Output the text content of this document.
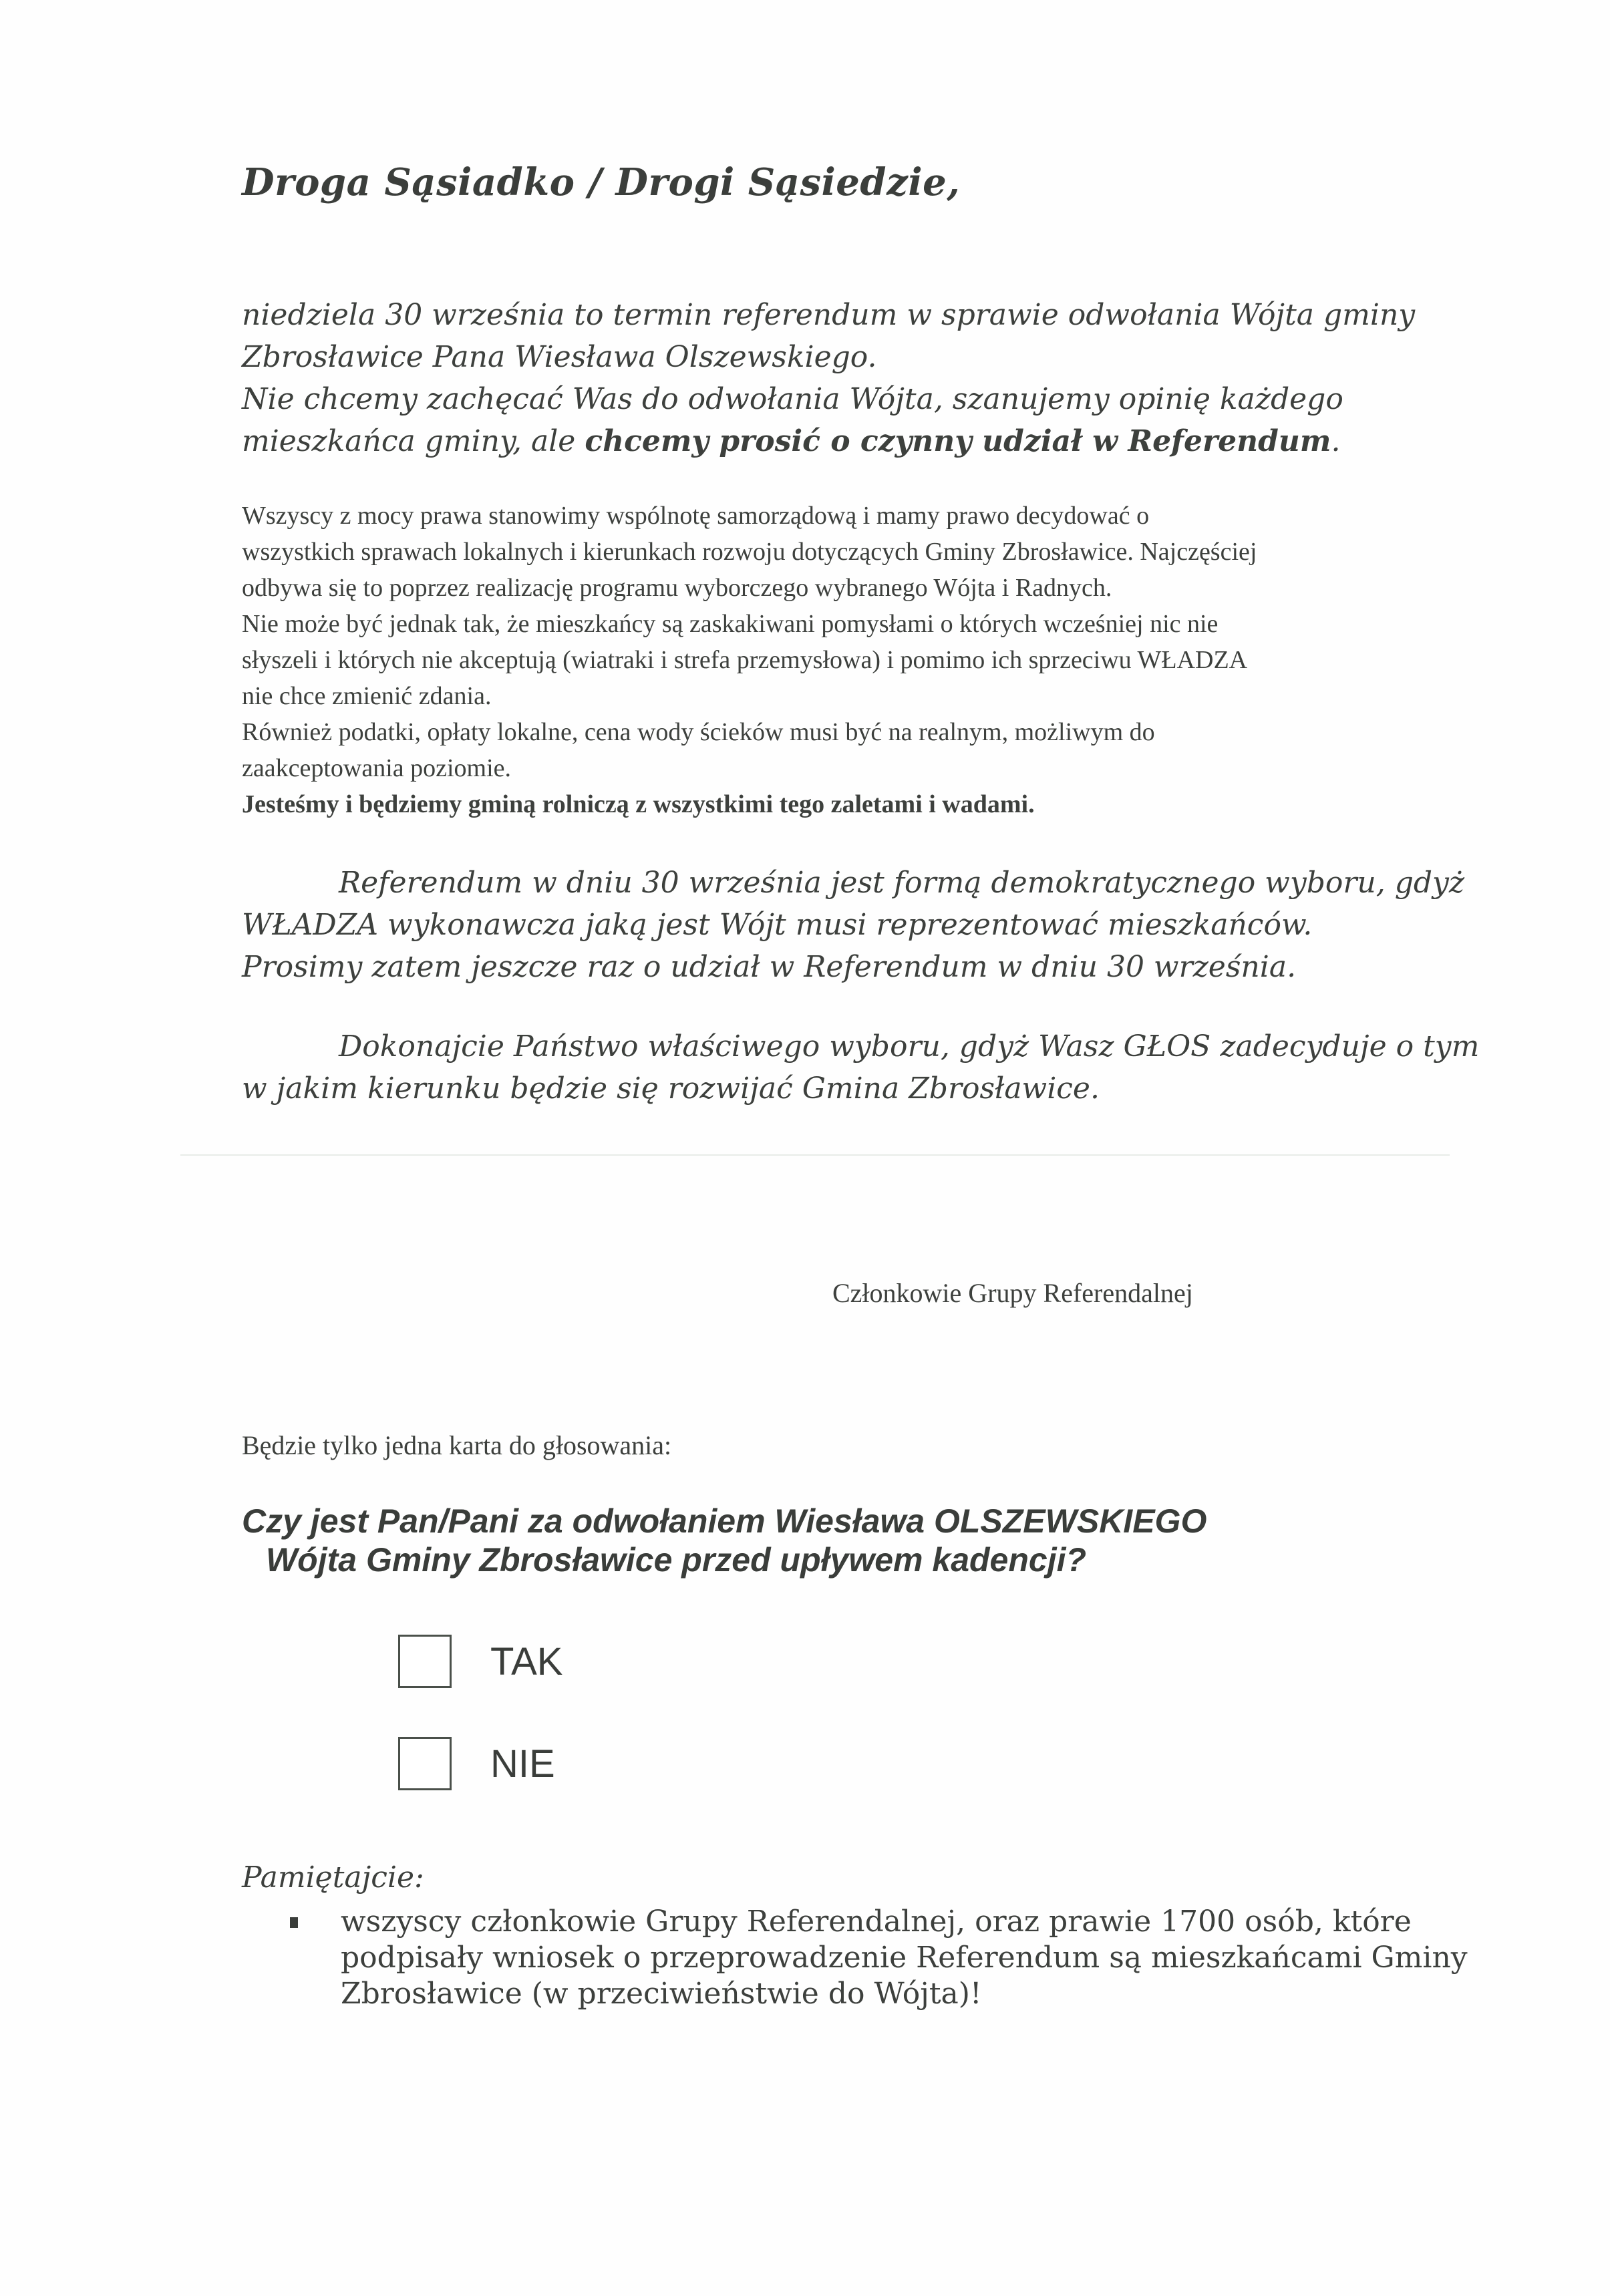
Droga Sąsiadko / Drogi Sąsiedzie,
niedziela 30 września to termin referendum w sprawie odwołania Wójta gminy
Zbrosławice Pana Wiesława Olszewskiego.
Nie chcemy zachęcać Was do odwołania Wójta, szanujemy opinię każdego
mieszkańca gminy, ale chcemy prosić o czynny udział w Referendum.
Wszyscy z mocy prawa stanowimy wspólnotę samorządową i mamy prawo decydować o
wszystkich sprawach lokalnych i kierunkach rozwoju dotyczących Gminy Zbrosławice. Najczęściej
odbywa się to poprzez realizację programu wyborczego wybranego Wójta i Radnych.
Nie może być jednak tak, że mieszkańcy są zaskakiwani pomysłami o których wcześniej nic nie
słyszeli i których nie akceptują (wiatraki i strefa przemysłowa) i pomimo ich sprzeciwu WŁADZA
nie chce zmienić zdania.
Również podatki, opłaty lokalne, cena wody ścieków musi być na realnym, możliwym do
zaakceptowania poziomie.
Jesteśmy i będziemy gminą rolniczą z wszystkimi tego zaletami i wadami.
Referendum w dniu 30 września jest formą demokratycznego wyboru, gdyż
WŁADZA wykonawcza jaką jest Wójt musi reprezentować mieszkańców.
Prosimy zatem jeszcze raz o udział w Referendum w dniu 30 września.
Dokonajcie Państwo właściwego wyboru, gdyż Wasz GŁOS zadecyduje o tym
w jakim kierunku będzie się rozwijać Gmina Zbrosławice.
Członkowie Grupy Referendalnej
Będzie tylko jedna karta do głosowania:
Czy jest Pan/Pani za odwołaniem Wiesława OLSZEWSKIEGO
Wójta Gminy Zbrosławice przed upływem kadencji?
TAK
NIE
Pamiętajcie:
wszyscy członkowie Grupy Referendalnej, oraz prawie 1700 osób, które
podpisały wniosek o przeprowadzenie Referendum są mieszkańcami Gminy
Zbrosławice (w przeciwieństwie do Wójta)!
